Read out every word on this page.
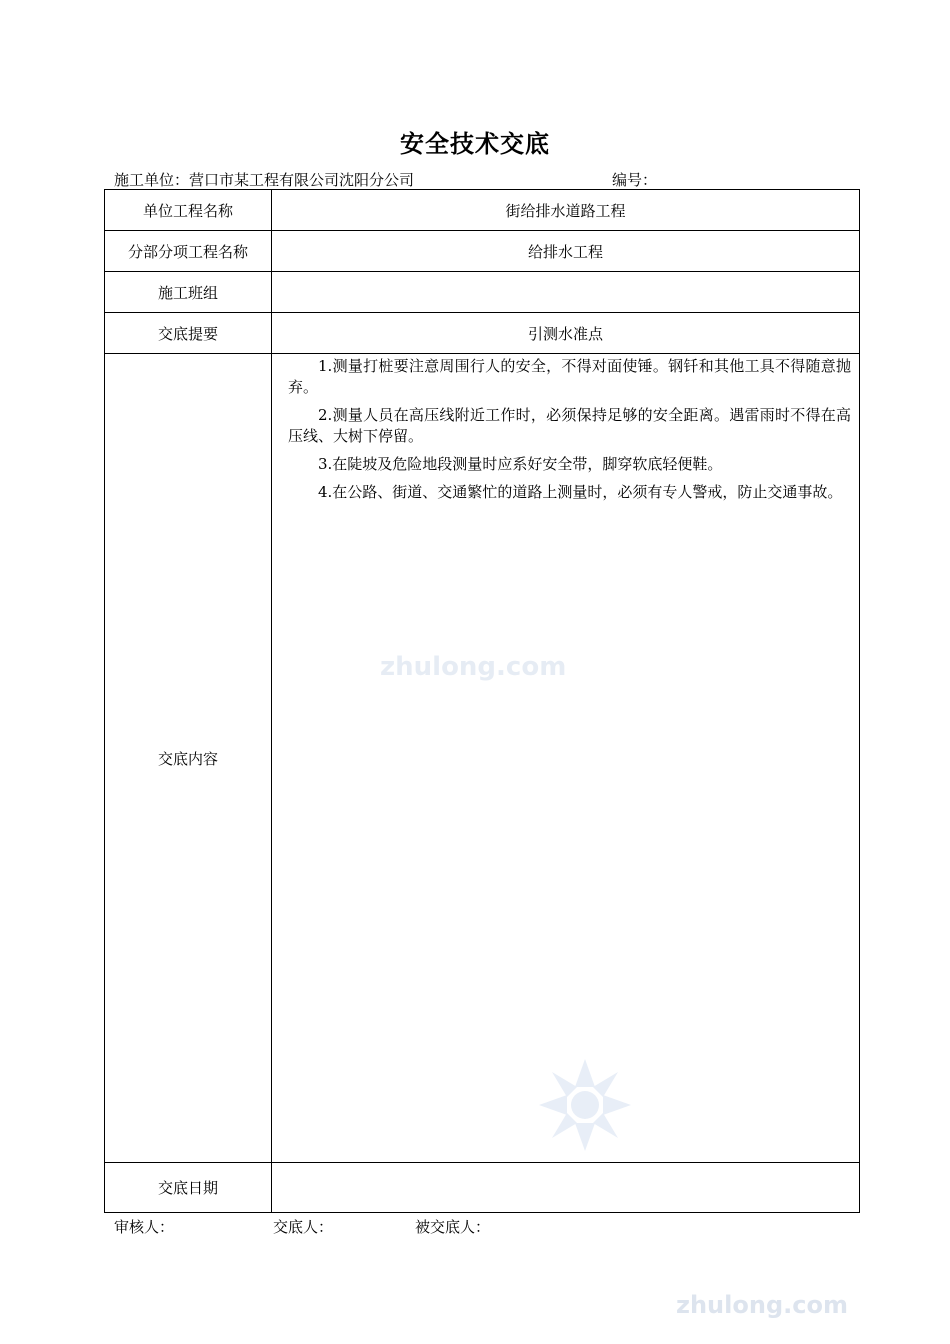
安全技术交底
施工单位：营口市某工程有限公司沈阳分公司	编号：
单位工程名称	街给排水道路工程
分部分项工程名称	给排水工程
施工班组	
交底提要	引测水准点
交底内容	1.测量打桩要注意周围行人的安全，不得对面使锤。钢钎和其他工具不得随意抛弃。

2.测量人员在高压线附近工作时，必须保持足够的安全距离。遇雷雨时不得在高压线、大树下停留。

3.在陡坡及危险地段测量时应系好安全带，脚穿软底轻便鞋。

4.在公路、街道、交通繁忙的道路上测量时，必须有专人警戒，防止交通事故。

交底日期	
审核人：	交底人：	被交底人：
zhulong.com
zhulong.com
